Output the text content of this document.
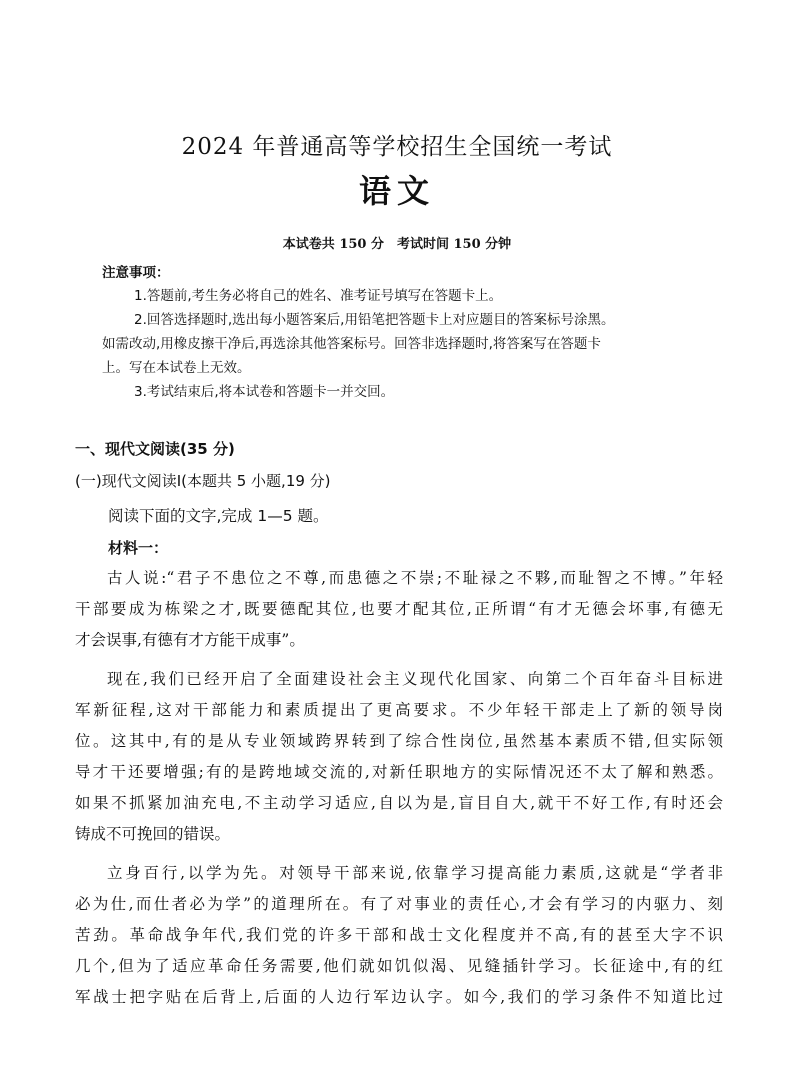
2024 年普通高等学校招生全国统一考试
语文
本试卷共 150 分　考试时间 150 分钟
注意事项：
1.答题前,考生务必将自己的姓名、准考证号填写在答题卡上。
2.回答选择题时,选出每小题答案后,用铅笔把答题卡上对应题目的答案标号涂黑。
如需改动,用橡皮擦干净后,再选涂其他答案标号。回答非选择题时,将答案写在答题卡
上。写在本试卷上无效。
3.考试结束后,将本试卷和答题卡一并交回。
一、现代文阅读(35 分)
(一)现代文阅读Ⅰ(本题共 5 小题,19 分)
阅读下面的文字,完成 1—5 题。
材料一：
古人说:“君子不患位之不尊,而患德之不崇;不耻禄之不夥,而耻智之不博。”年轻
干部要成为栋梁之才,既要德配其位,也要才配其位,正所谓“有才无德会坏事,有德无
才会误事,有德有才方能干成事”。
现在,我们已经开启了全面建设社会主义现代化国家、向第二个百年奋斗目标进
军新征程,这对干部能力和素质提出了更高要求。不少年轻干部走上了新的领导岗
位。这其中,有的是从专业领域跨界转到了综合性岗位,虽然基本素质不错,但实际领
导才干还要增强;有的是跨地域交流的,对新任职地方的实际情况还不太了解和熟悉。
如果不抓紧加油充电,不主动学习适应,自以为是,盲目自大,就干不好工作,有时还会
铸成不可挽回的错误。
立身百行,以学为先。对领导干部来说,依靠学习提高能力素质,这就是“学者非
必为仕,而仕者必为学”的道理所在。有了对事业的责任心,才会有学习的内驱力、刻
苦劲。革命战争年代,我们党的许多干部和战士文化程度并不高,有的甚至大字不识
几个,但为了适应革命任务需要,他们就如饥似渴、见缝插针学习。长征途中,有的红
军战士把字贴在后背上,后面的人边行军边认字。如今,我们的学习条件不知道比过
